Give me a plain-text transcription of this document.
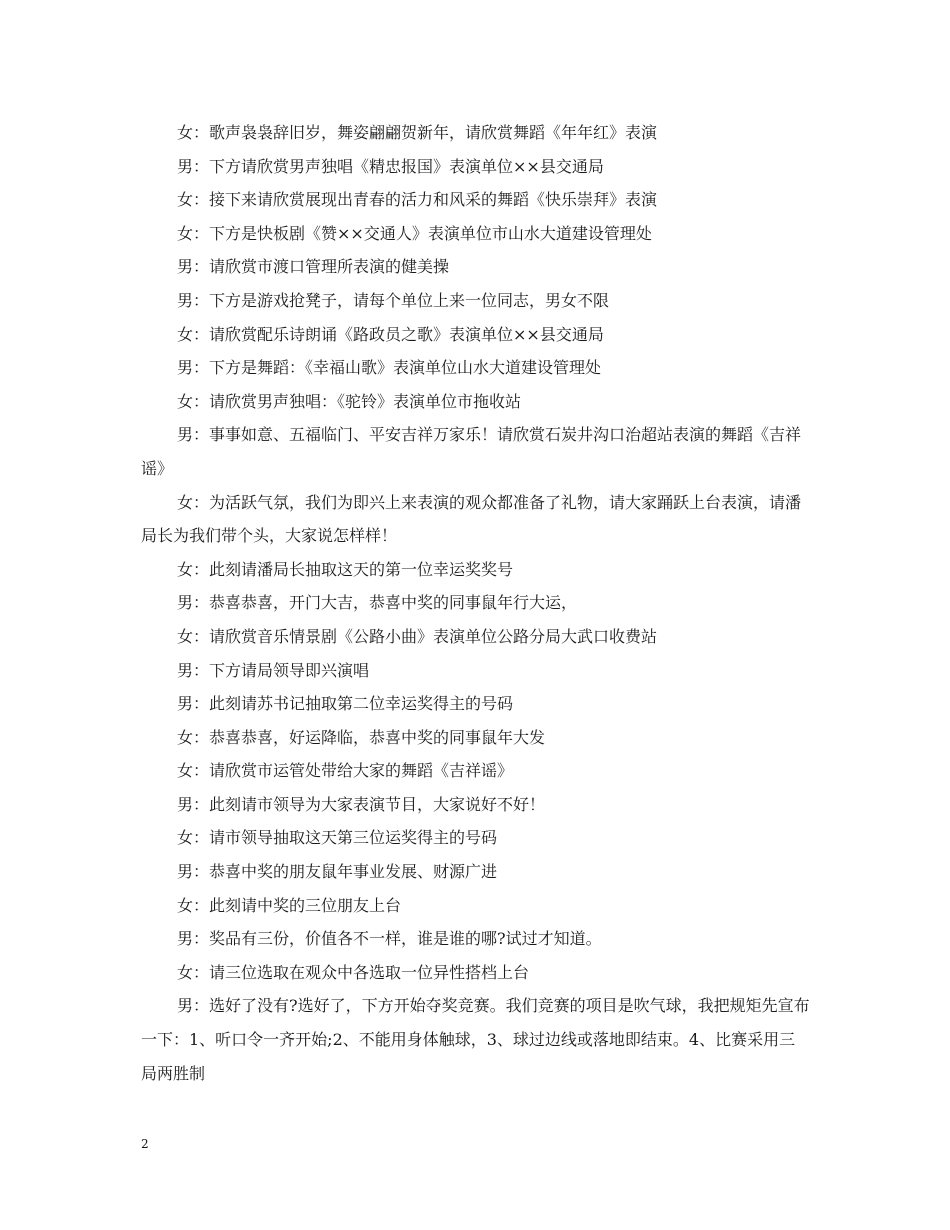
女：歌声袅袅辞旧岁，舞姿翩翩贺新年，请欣赏舞蹈《年年红》表演

男：下方请欣赏男声独唱《精忠报国》表演单位××县交通局

女：接下来请欣赏展现出青春的活力和风采的舞蹈《快乐崇拜》表演

女：下方是快板剧《赞××交通人》表演单位市山水大道建设管理处

男：请欣赏市渡口管理所表演的健美操

男：下方是游戏抢凳子，请每个单位上来一位同志，男女不限

女：请欣赏配乐诗朗诵《路政员之歌》表演单位××县交通局

男：下方是舞蹈：《幸福山歌》表演单位山水大道建设管理处

女：请欣赏男声独唱：《驼铃》表演单位市拖收站

男：事事如意、五福临门、平安吉祥万家乐！请欣赏石炭井沟口治超站表演的舞蹈《吉祥谣》

女：为活跃气氛，我们为即兴上来表演的观众都准备了礼物，请大家踊跃上台表演，请潘局长为我们带个头，大家说怎样样！

女：此刻请潘局长抽取这天的第一位幸运奖奖号

男：恭喜恭喜，开门大吉，恭喜中奖的同事鼠年行大运，

女：请欣赏音乐情景剧《公路小曲》表演单位公路分局大武口收费站

男：下方请局领导即兴演唱

男：此刻请苏书记抽取第二位幸运奖得主的号码

女：恭喜恭喜，好运降临，恭喜中奖的同事鼠年大发

女：请欣赏市运管处带给大家的舞蹈《吉祥谣》

男：此刻请市领导为大家表演节目，大家说好不好！

女：请市领导抽取这天第三位运奖得主的号码

男：恭喜中奖的朋友鼠年事业发展、财源广进

女：此刻请中奖的三位朋友上台

男：奖品有三份，价值各不一样，谁是谁的哪?试过才知道。

女：请三位选取在观众中各选取一位异性搭档上台

男：选好了没有?选好了，下方开始夺奖竞赛。我们竞赛的项目是吹气球，我把规矩先宣布一下：1、听口令一齐开始;2、不能用身体触球，3、球过边线或落地即结束。4、比赛采用三局两胜制

2
